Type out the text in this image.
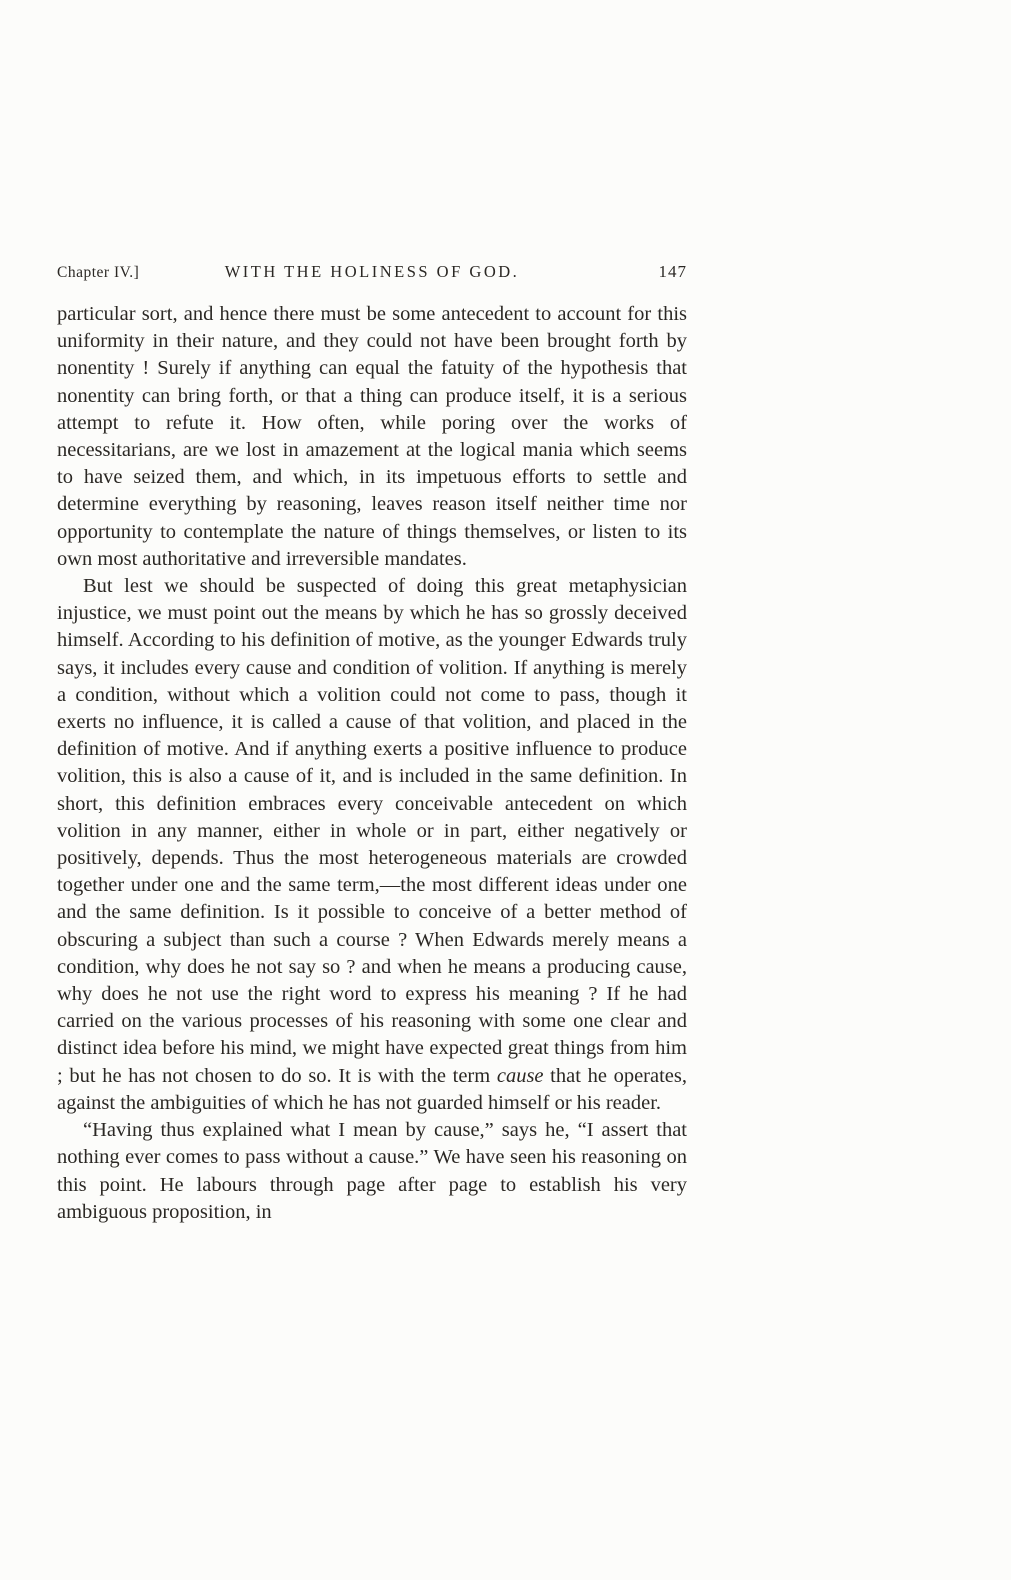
Chapter IV.]	WITH THE HOLINESS OF GOD.	147

particular sort, and hence there must be some antecedent to account for this uniformity in their nature, and they could not have been brought forth by nonentity ! Surely if anything can equal the fatuity of the hypothesis that nonentity can bring forth, or that a thing can produce itself, it is a serious attempt to refute it. How often, while poring over the works of necessitarians, are we lost in amazement at the logical mania which seems to have seized them, and which, in its impetuous efforts to settle and determine everything by reasoning, leaves reason itself neither time nor opportunity to contemplate the nature of things themselves, or listen to its own most authoritative and irreversible mandates.

But lest we should be suspected of doing this great metaphysician injustice, we must point out the means by which he has so grossly deceived himself. According to his definition of motive, as the younger Edwards truly says, it includes every cause and condition of volition. If anything is merely a condition, without which a volition could not come to pass, though it exerts no influence, it is called a cause of that volition, and placed in the definition of motive. And if anything exerts a positive influence to produce volition, this is also a cause of it, and is included in the same definition. In short, this definition embraces every conceivable antecedent on which volition in any manner, either in whole or in part, either negatively or positively, depends. Thus the most heterogeneous materials are crowded together under one and the same term,—the most different ideas under one and the same definition. Is it possible to conceive of a better method of obscuring a subject than such a course ? When Edwards merely means a condition, why does he not say so ? and when he means a producing cause, why does he not use the right word to express his meaning ? If he had carried on the various processes of his reasoning with some one clear and distinct idea before his mind, we might have expected great things from him ; but he has not chosen to do so. It is with the term cause that he operates, against the ambiguities of which he has not guarded himself or his reader.

“Having thus explained what I mean by cause,” says he, “I assert that nothing ever comes to pass without a cause.” We have seen his reasoning on this point. He labours through page after page to establish his very ambiguous proposition, in
